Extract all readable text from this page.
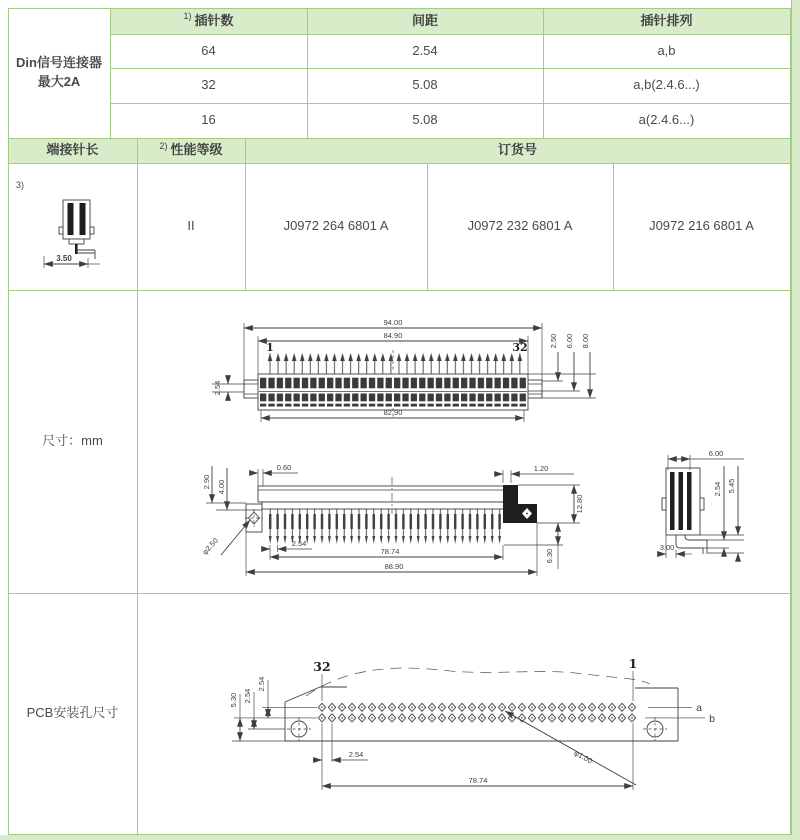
Din信号连接器
最大2A
1) 插针数	间距	插针排列
64	2.54	a,b
32	5.08	a,b(2.4.6...)
16	5.08	a(2.4.6...)
端接针长	2) 性能等级	订货号
3)
II	J0972 264 6801 A	J0972 232 6801 A	J0972 216 6801 A
尺寸：mm
PCB安装孔尺寸
3.50
1	32
94.00
84.90
2.54
2.50 6.00 8.00
82.90
0.60
2.90 4.00
φ2.50
1.20
12.80
6.30
2.54
78.74
88.90
6.00
2.54 5.45
3.00
32	1
a
b
5.30 2.54
2.54
2.54
78.74
φ1.00
